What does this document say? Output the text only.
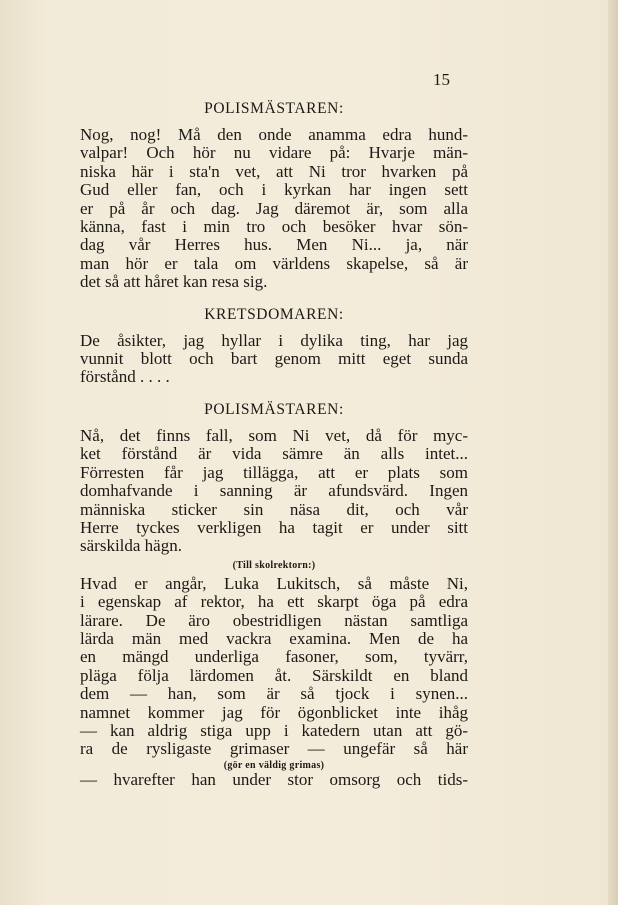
15
POLISMÄSTAREN:
Nog, nog! Må den onde anamma edra hund-
valpar! Och hör nu vidare på: Hvarje män-
niska här i sta'n vet, att Ni tror hvarken på
Gud eller fan, och i kyrkan har ingen sett
er på år och dag. Jag däremot är, som alla
känna, fast i min tro och besöker hvar sön-
dag vår Herres hus. Men Ni... ja, när
man hör er tala om världens skapelse, så är
det så att håret kan resa sig.
KRETSDOMAREN:
De åsikter, jag hyllar i dylika ting, har jag
vunnit blott och bart genom mitt eget sunda
förstånd . . . .
POLISMÄSTAREN:
Nå, det finns fall, som Ni vet, då för myc-
ket förstånd är vida sämre än alls intet...
Förresten får jag tillägga, att er plats som
domhafvande i sanning är afundsvärd. Ingen
människa sticker sin näsa dit, och vår
Herre tyckes verkligen ha tagit er under sitt
särskilda hägn.
(Till skolrektorn:)
Hvad er angår, Luka Lukitsch, så måste Ni,
i egenskap af rektor, ha ett skarpt öga på edra
lärare. De äro obestridligen nästan samtliga
lärda män med vackra examina. Men de ha
en mängd underliga fasoner, som, tyvärr,
pläga följa lärdomen åt. Särskildt en bland
dem — han, som är så tjock i synen...
namnet kommer jag för ögonblicket inte ihåg
— kan aldrig stiga upp i katedern utan att gö-
ra de rysligaste grimaser — ungefär så här
(gör en väldig grimas)
— hvarefter han under stor omsorg och tids-
